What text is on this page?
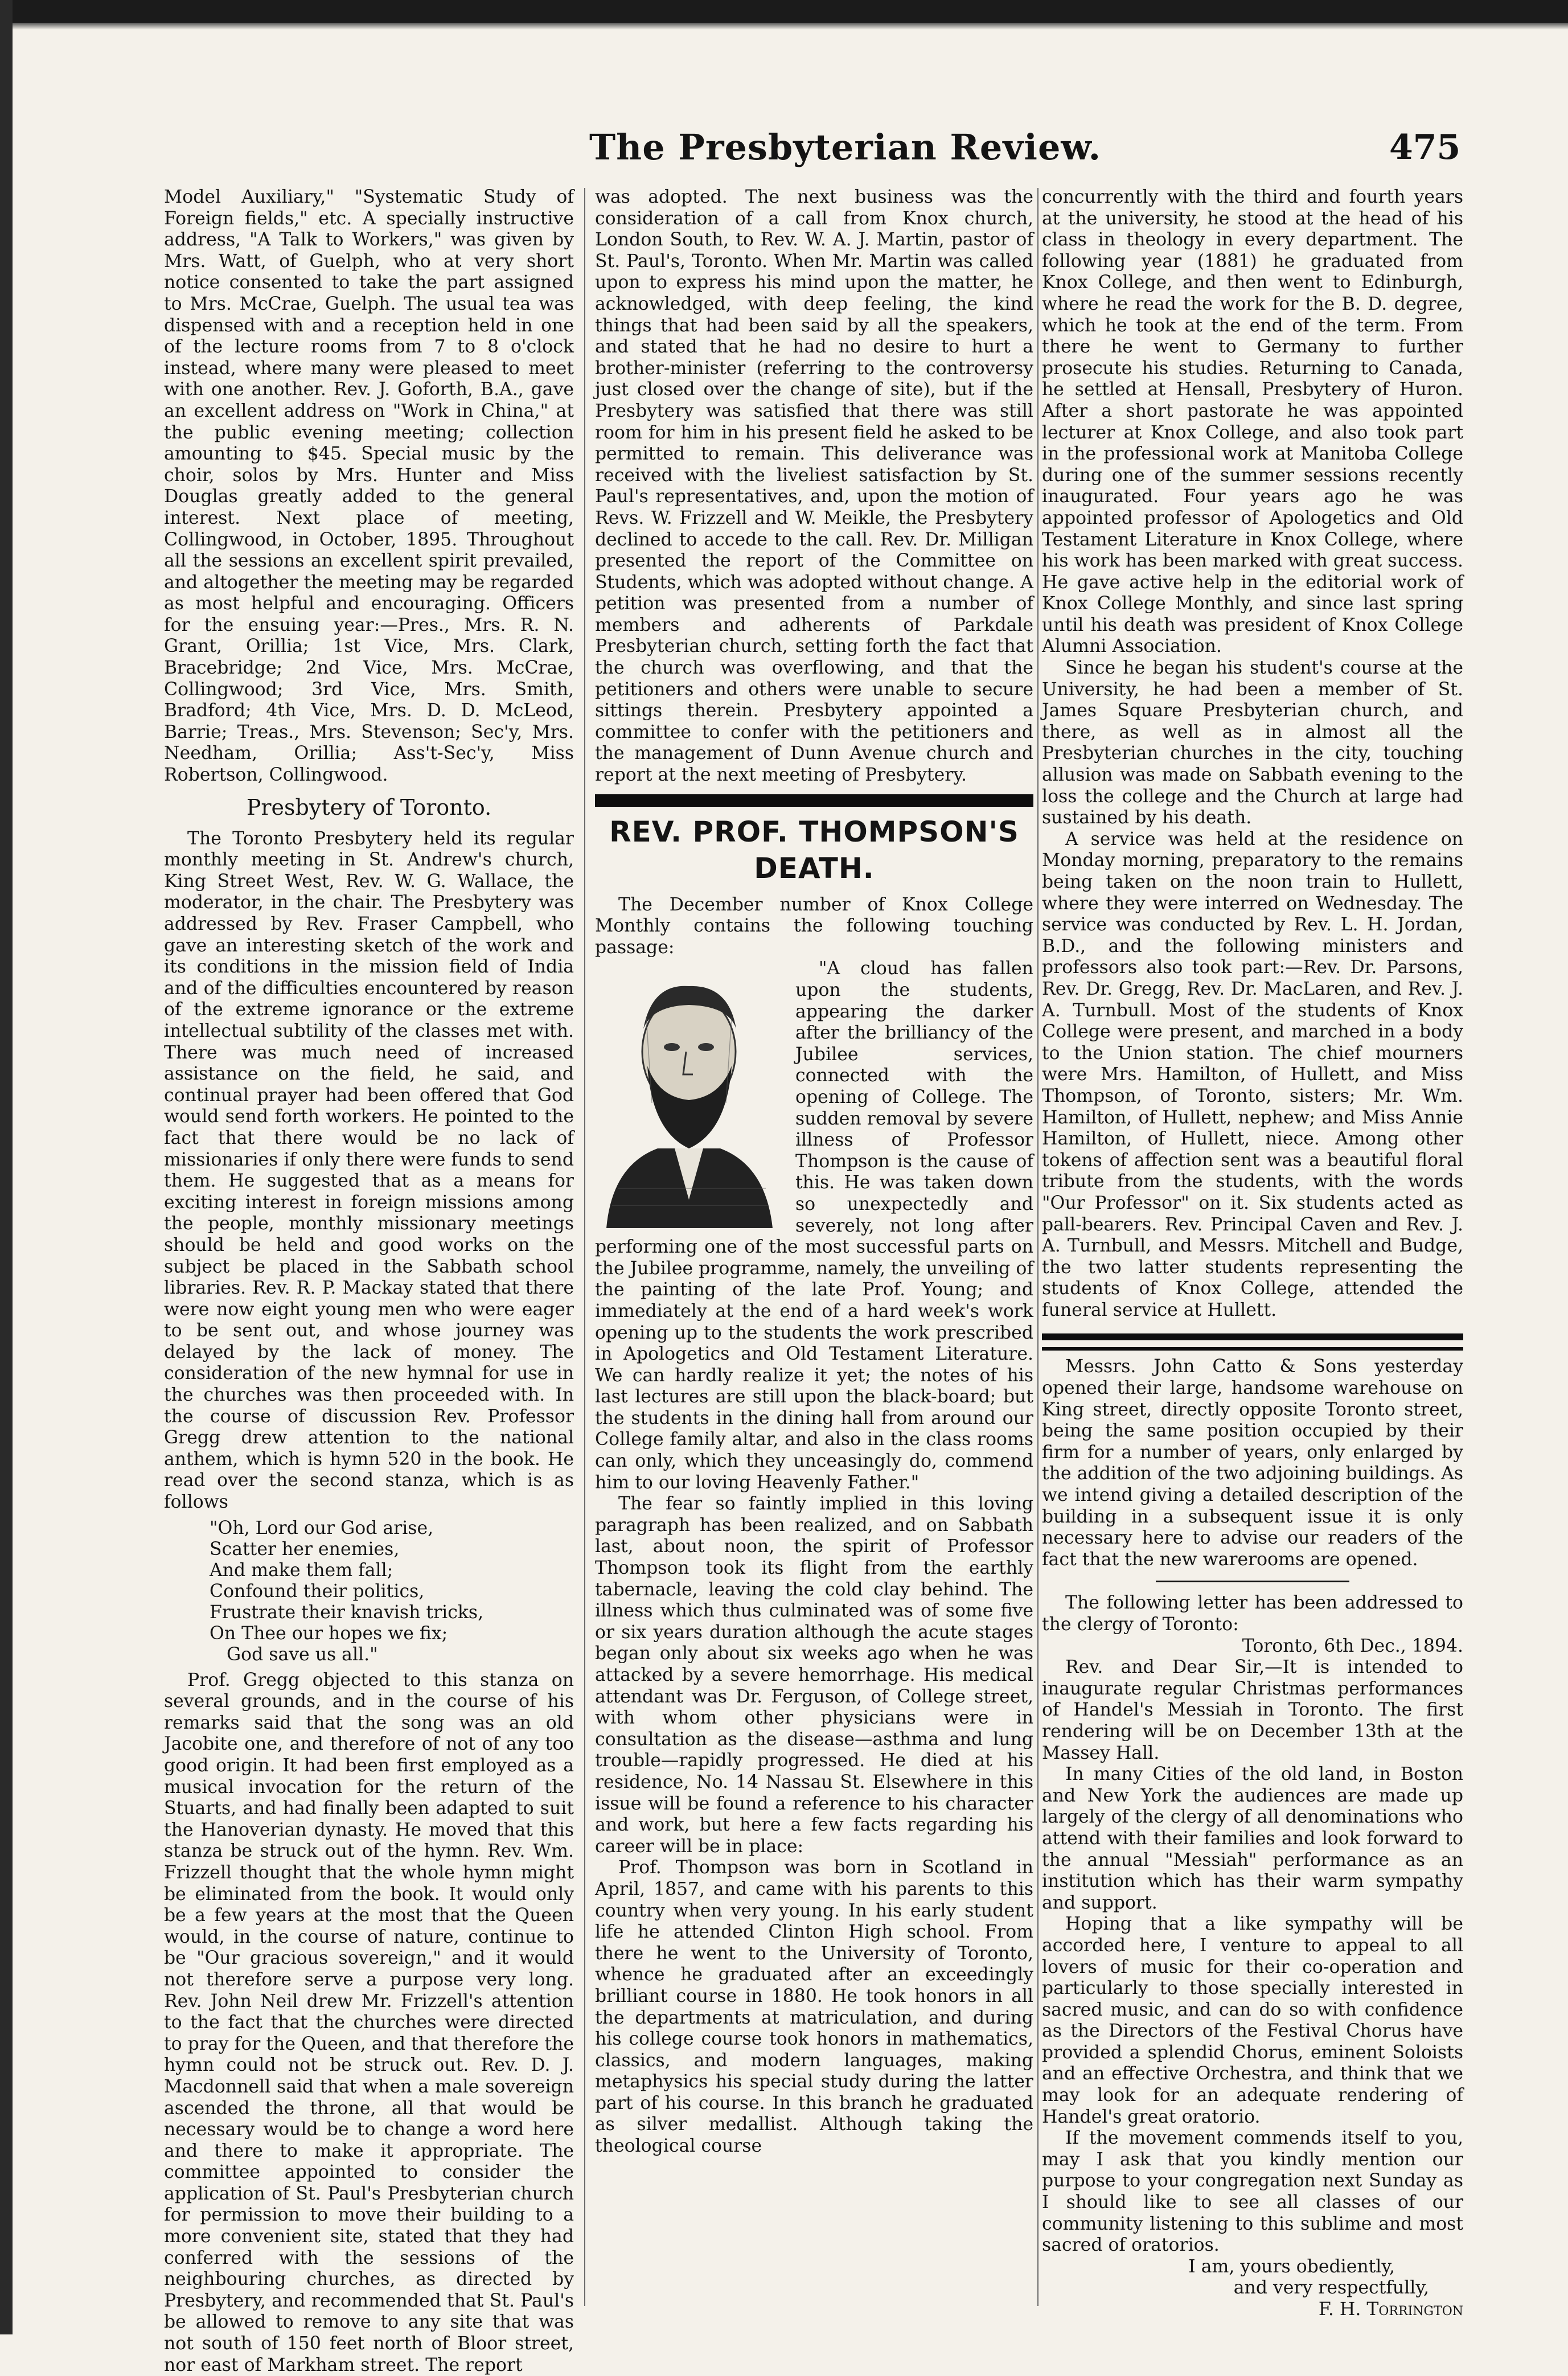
The Presbyterian Review.	475

Model Auxiliary," "Systematic Study of Foreign fields," etc. A specially instructive address, "A Talk to Workers," was given by Mrs. Watt, of Guelph, who at very short notice consented to take the part assigned to Mrs. McCrae, Guelph. The usual tea was dispensed with and a reception held in one of the lecture rooms from 7 to 8 o'clock instead, where many were pleased to meet with one another. Rev. J. Goforth, B.A., gave an excellent address on "Work in China," at the public evening meeting; collection amounting to $45. Special music by the choir, solos by Mrs. Hunter and Miss Douglas greatly added to the general interest. Next place of meeting, Collingwood, in October, 1895. Throughout all the sessions an excellent spirit prevailed, and altogether the meeting may be regarded as most helpful and encouraging. Officers for the ensuing year:—Pres., Mrs. R. N. Grant, Orillia; 1st Vice, Mrs. Clark, Bracebridge; 2nd Vice, Mrs. McCrae, Collingwood; 3rd Vice, Mrs. Smith, Bradford; 4th Vice, Mrs. D. D. McLeod, Barrie; Treas., Mrs. Stevenson; Sec'y, Mrs. Needham, Orillia; Ass't-Sec'y, Miss Robertson, Collingwood.

Presbytery of Toronto.

The Toronto Presbytery held its regular monthly meeting in St. Andrew's church, King Street West, Rev. W. G. Wallace, the moderator, in the chair. The Presbytery was addressed by Rev. Fraser Campbell, who gave an interesting sketch of the work and its conditions in the mission field of India and of the difficulties encountered by reason of the extreme ignorance or the extreme intellectual subtility of the classes met with. There was much need of increased assistance on the field, he said, and continual prayer had been offered that God would send forth workers. He pointed to the fact that there would be no lack of missionaries if only there were funds to send them. He suggested that as a means for exciting interest in foreign missions among the people, monthly missionary meetings should be held and good works on the subject be placed in the Sabbath school libraries. Rev. R. P. Mackay stated that there were now eight young men who were eager to be sent out, and whose journey was delayed by the lack of money. The consideration of the new hymnal for use in the churches was then proceeded with. In the course of discussion Rev. Professor Gregg drew attention to the national anthem, which is hymn 520 in the book. He read over the second stanza, which is as follows

"Oh, Lord our God arise,
Scatter her enemies,
And make them fall;
Confound their politics,
Frustrate their knavish tricks,
On Thee our hopes we fix;
God save us all."

Prof. Gregg objected to this stanza on several grounds, and in the course of his remarks said that the song was an old Jacobite one, and therefore of not of any too good origin. It had been first employed as a musical invocation for the return of the Stuarts, and had finally been adapted to suit the Hanoverian dynasty. He moved that this stanza be struck out of the hymn. Rev. Wm. Frizzell thought that the whole hymn might be eliminated from the book. It would only be a few years at the most that the Queen would, in the course of nature, continue to be "Our gracious sovereign," and it would not therefore serve a purpose very long. Rev. John Neil drew Mr. Frizzell's attention to the fact that the churches were directed to pray for the Queen, and that therefore the hymn could not be struck out. Rev. D. J. Macdonnell said that when a male sovereign ascended the throne, all that would be necessary would be to change a word here and there to make it appropriate. The committee appointed to consider the application of St. Paul's Presbyterian church for permission to move their building to a more convenient site, stated that they had conferred with the sessions of the neighbouring churches, as directed by Presbytery, and recommended that St. Paul's be allowed to remove to any site that was not south of 150 feet north of Bloor street, nor east of Markham street. The report

was adopted. The next business was the consideration of a call from Knox church, London South, to Rev. W. A. J. Martin, pastor of St. Paul's, Toronto. When Mr. Martin was called upon to express his mind upon the matter, he acknowledged, with deep feeling, the kind things that had been said by all the speakers, and stated that he had no desire to hurt a brother-minister (referring to the controversy just closed over the change of site), but if the Presbytery was satisfied that there was still room for him in his present field he asked to be permitted to remain. This deliverance was received with the liveliest satisfaction by St. Paul's representatives, and, upon the motion of Revs. W. Frizzell and W. Meikle, the Presbytery declined to accede to the call. Rev. Dr. Milligan presented the report of the Committee on Students, which was adopted without change. A petition was presented from a number of members and adherents of Parkdale Presbyterian church, setting forth the fact that the church was overflowing, and that the petitioners and others were unable to secure sittings therein. Presbytery appointed a committee to confer with the petitioners and the management of Dunn Avenue church and report at the next meeting of Presbytery.

REV. PROF. THOMPSON'S DEATH.

The December number of Knox College Monthly contains the following touching passage:

"A cloud has fallen upon the students, appearing the darker after the brilliancy of the Jubilee services, connected with the opening of College. The sudden removal by severe illness of Professor Thompson is the cause of this. He was taken down so unexpectedly and severely, not long after performing one of the most successful parts on the Jubilee programme, namely, the unveiling of the painting of the late Prof. Young; and immediately at the end of a hard week's work opening up to the students the work prescribed in Apologetics and Old Testament Literature. We can hardly realize it yet; the notes of his last lectures are still upon the black-board; but the students in the dining hall from around our College family altar, and also in the class rooms can only, which they unceasingly do, commend him to our loving Heavenly Father."

The fear so faintly implied in this loving paragraph has been realized, and on Sabbath last, about noon, the spirit of Professor Thompson took its flight from the earthly tabernacle, leaving the cold clay behind. The illness which thus culminated was of some five or six years duration although the acute stages began only about six weeks ago when he was attacked by a severe hemorrhage. His medical attendant was Dr. Ferguson, of College street, with whom other physicians were in consultation as the disease—asthma and lung trouble—rapidly progressed. He died at his residence, No. 14 Nassau St. Elsewhere in this issue will be found a reference to his character and work, but here a few facts regarding his career will be in place:

Prof. Thompson was born in Scotland in April, 1857, and came with his parents to this country when very young. In his early student life he attended Clinton High school. From there he went to the University of Toronto, whence he graduated after an exceedingly brilliant course in 1880. He took honors in all the departments at matriculation, and during his college course took honors in mathematics, classics, and modern languages, making metaphysics his special study during the latter part of his course. In this branch he graduated as silver medallist. Although taking the theological course

concurrently with the third and fourth years at the university, he stood at the head of his class in theology in every department. The following year (1881) he graduated from Knox College, and then went to Edinburgh, where he read the work for the B. D. degree, which he took at the end of the term. From there he went to Germany to further prosecute his studies. Returning to Canada, he settled at Hensall, Presbytery of Huron. After a short pastorate he was appointed lecturer at Knox College, and also took part in the professional work at Manitoba College during one of the summer sessions recently inaugurated. Four years ago he was appointed professor of Apologetics and Old Testament Literature in Knox College, where his work has been marked with great success. He gave active help in the editorial work of Knox College Monthly, and since last spring until his death was president of Knox College Alumni Association.

Since he began his student's course at the University, he had been a member of St. James Square Presbyterian church, and there, as well as in almost all the Presbyterian churches in the city, touching allusion was made on Sabbath evening to the loss the college and the Church at large had sustained by his death.

A service was held at the residence on Monday morning, preparatory to the remains being taken on the noon train to Hullett, where they were interred on Wednesday. The service was conducted by Rev. L. H. Jordan, B.D., and the following ministers and professors also took part:—Rev. Dr. Parsons, Rev. Dr. Gregg, Rev. Dr. MacLaren, and Rev. J. A. Turnbull. Most of the students of Knox College were present, and marched in a body to the Union station. The chief mourners were Mrs. Hamilton, of Hullett, and Miss Thompson, of Toronto, sisters; Mr. Wm. Hamilton, of Hullett, nephew; and Miss Annie Hamilton, of Hullett, niece. Among other tokens of affection sent was a beautiful floral tribute from the students, with the words "Our Professor" on it. Six students acted as pall-bearers. Rev. Principal Caven and Rev. J. A. Turnbull, and Messrs. Mitchell and Budge, the two latter students representing the students of Knox College, attended the funeral service at Hullett.

Messrs. John Catto & Sons yesterday opened their large, handsome warehouse on King street, directly opposite Toronto street, being the same position occupied by their firm for a number of years, only enlarged by the addition of the two adjoining buildings. As we intend giving a detailed description of the building in a subsequent issue it is only necessary here to advise our readers of the fact that the new warerooms are opened.

The following letter has been addressed to the clergy of Toronto:

Toronto, 6th Dec., 1894.

Rev. and Dear Sir,—It is intended to inaugurate regular Christmas performances of Handel's Messiah in Toronto. The first rendering will be on December 13th at the Massey Hall.

In many Cities of the old land, in Boston and New York the audiences are made up largely of the clergy of all denominations who attend with their families and look forward to the annual "Messiah" performance as an institution which has their warm sympathy and support.

Hoping that a like sympathy will be accorded here, I venture to appeal to all lovers of music for their co-operation and particularly to those specially interested in sacred music, and can do so with confidence as the Directors of the Festival Chorus have provided a splendid Chorus, eminent Soloists and an effective Orchestra, and think that we may look for an adequate rendering of Handel's great oratorio.

If the movement commends itself to you, may I ask that you kindly mention our purpose to your congregation next Sunday as I should like to see all classes of our community listening to this sublime and most sacred of oratorios.

I am, yours obediently,

and very respectfully,

F. H. Torrington
